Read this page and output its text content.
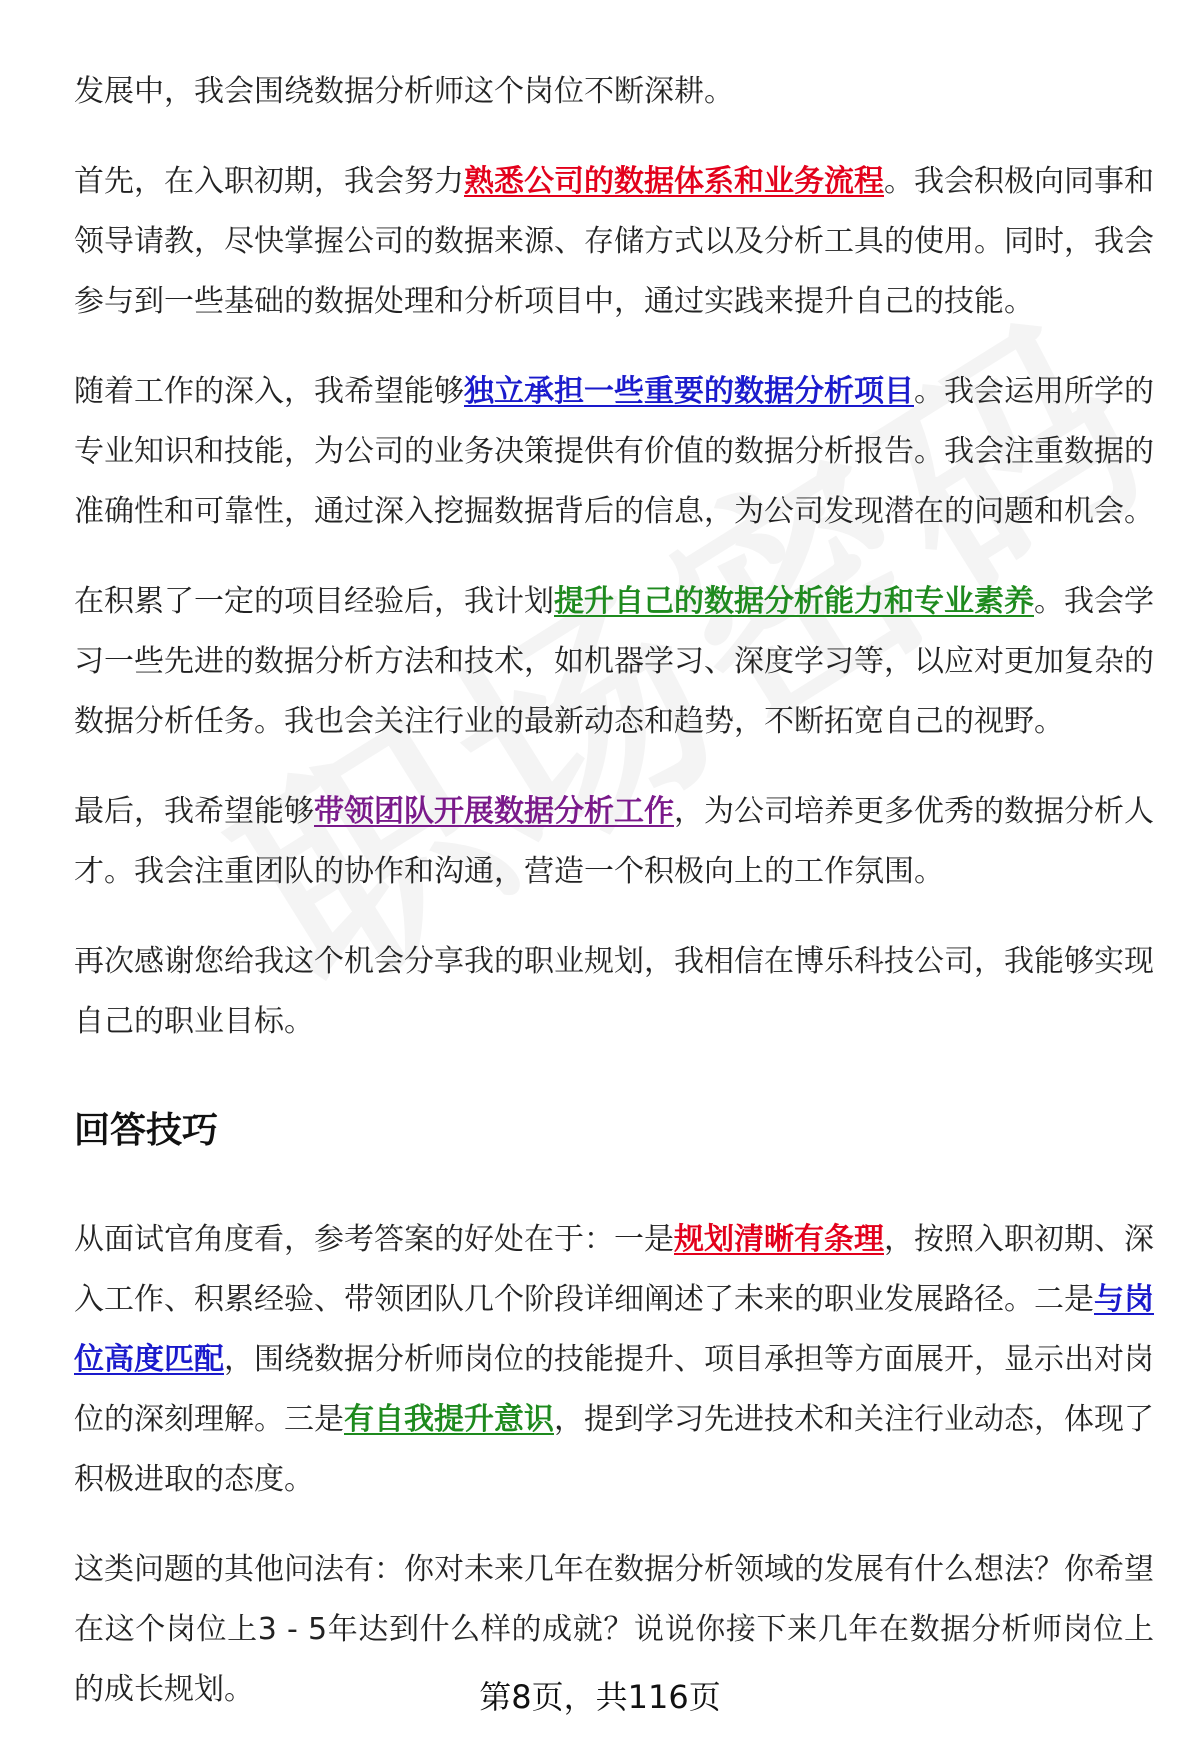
发展中，我会围绕数据分析师这个岗位不断深耕。

首先，在入职初期，我会努力熟悉公司的数据体系和业务流程。我会积极向同事和领导请教，尽快掌握公司的数据来源、存储方式以及分析工具的使用。同时，我会参与到一些基础的数据处理和分析项目中，通过实践来提升自己的技能。

随着工作的深入，我希望能够独立承担一些重要的数据分析项目。我会运用所学的专业知识和技能，为公司的业务决策提供有价值的数据分析报告。我会注重数据的准确性和可靠性，通过深入挖掘数据背后的信息，为公司发现潜在的问题和机会。

在积累了一定的项目经验后，我计划提升自己的数据分析能力和专业素养。我会学习一些先进的数据分析方法和技术，如机器学习、深度学习等，以应对更加复杂的数据分析任务。我也会关注行业的最新动态和趋势，不断拓宽自己的视野。

最后，我希望能够带领团队开展数据分析工作，为公司培养更多优秀的数据分析人才。我会注重团队的协作和沟通，营造一个积极向上的工作氛围。

再次感谢您给我这个机会分享我的职业规划，我相信在博乐科技公司，我能够实现自己的职业目标。

回答技巧

从面试官角度看，参考答案的好处在于：一是规划清晰有条理，按照入职初期、深入工作、积累经验、带领团队几个阶段详细阐述了未来的职业发展路径。二是与岗位高度匹配，围绕数据分析师岗位的技能提升、项目承担等方面展开，显示出对岗位的深刻理解。三是有自我提升意识，提到学习先进技术和关注行业动态，体现了积极进取的态度。

这类问题的其他问法有：你对未来几年在数据分析领域的发展有什么想法？你希望在这个岗位上3 - 5年达到什么样的成就？说说你接下来几年在数据分析师岗位上的成长规划。	第8页，共116页
